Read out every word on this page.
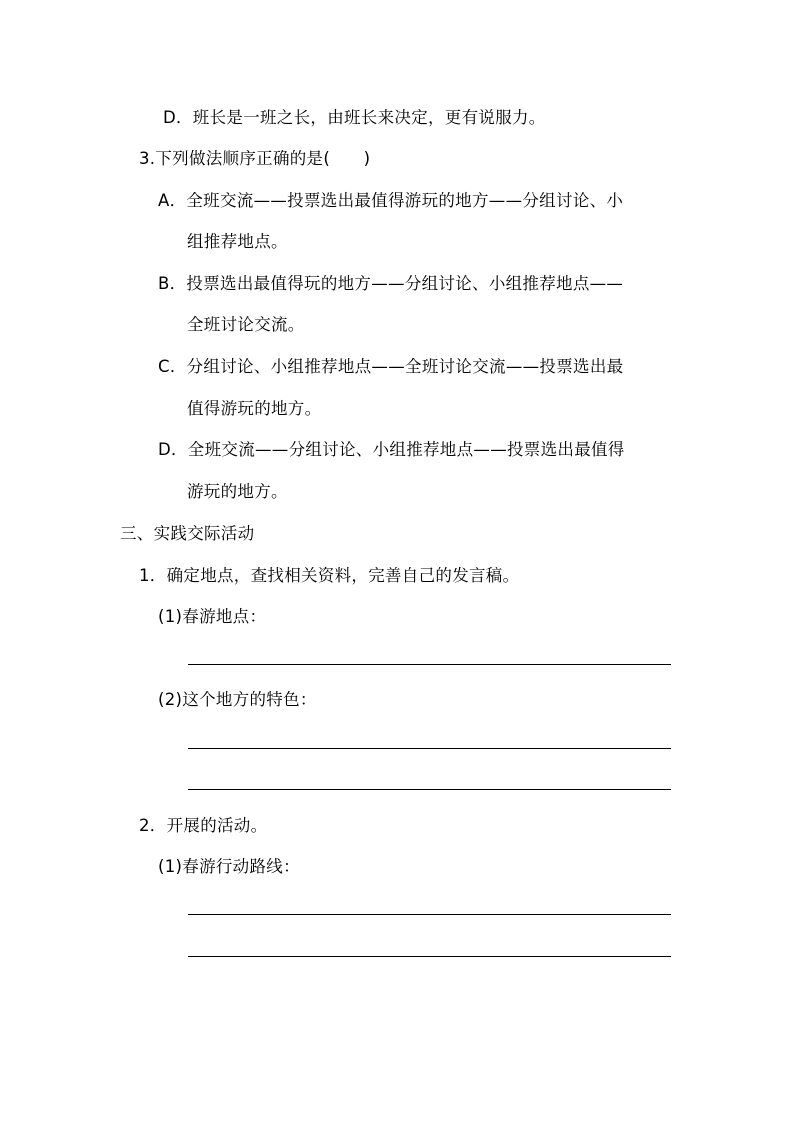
D．班长是一班之长，由班长来决定，更有说服力。
3.下列做法顺序正确的是(　　)
A．全班交流——投票选出最值得游玩的地方——分组讨论、小
组推荐地点。
B．投票选出最值得玩的地方——分组讨论、小组推荐地点——
全班讨论交流。
C．分组讨论、小组推荐地点——全班讨论交流——投票选出最
值得游玩的地方。
D．全班交流——分组讨论、小组推荐地点——投票选出最值得
游玩的地方。
三、实践交际活动
1．确定地点，查找相关资料，完善自己的发言稿。
(1)春游地点：
(2)这个地方的特色：
2．开展的活动。
(1)春游行动路线：
